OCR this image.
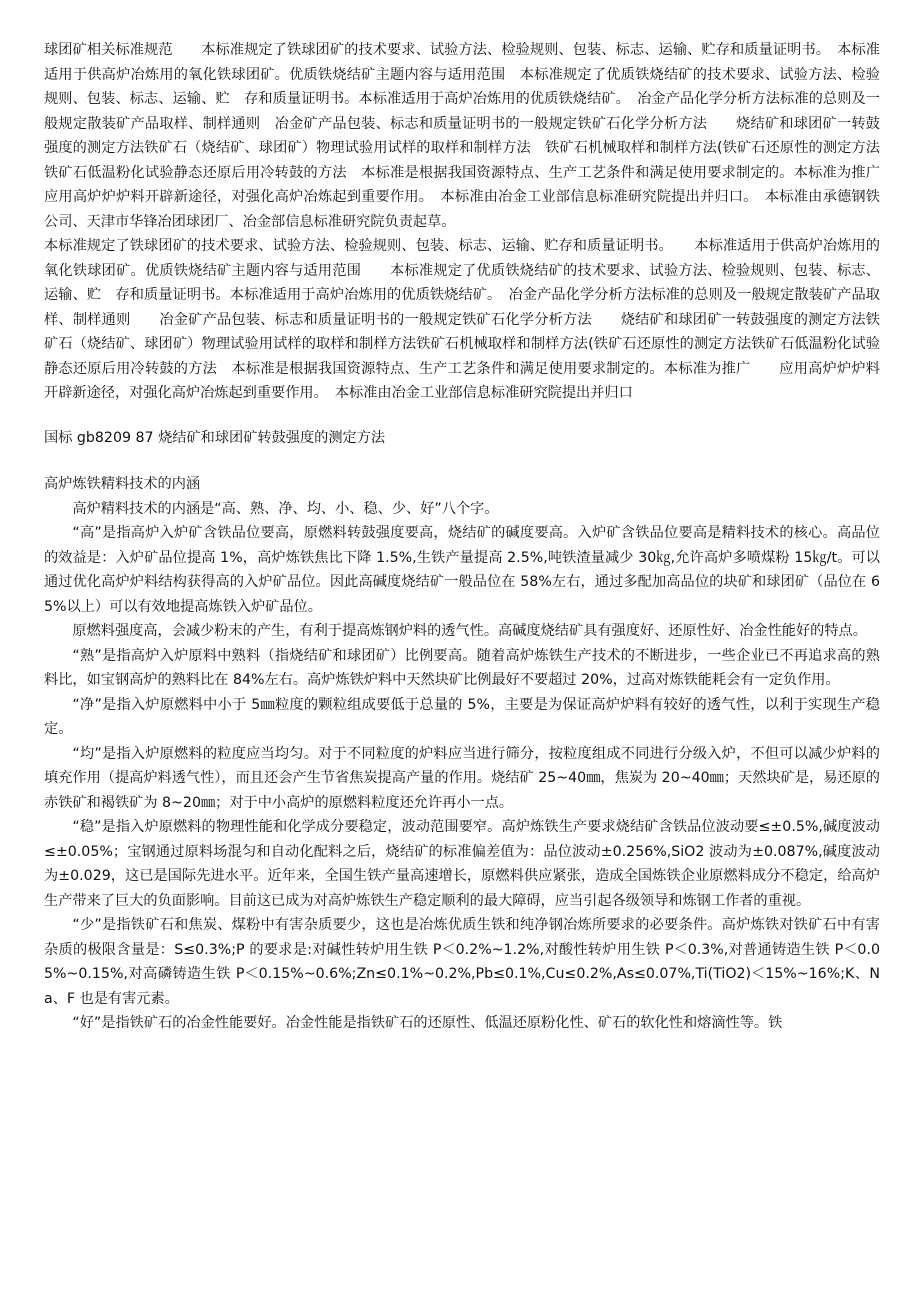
球团矿相关标准规范　　本标准规定了铁球团矿的技术要求、试验方法、检验规则、包装、标志、运输、贮存和质量证明书。　本标准适用于供高炉冶炼用的氧化铁球团矿。优质铁烧结矿主题内容与适用范围　本标准规定了优质铁烧结矿的技术要求、试验方法、检验规则、包装、标志、运输、贮　存和质量证明书。本标准适用于高炉冶炼用的优质铁烧结矿。　冶金产品化学分析方法标准的总则及一般规定散装矿产品取样、制样通则　冶金矿产品包装、标志和质量证明书的一般规定铁矿石化学分析方法　　烧结矿和球团矿一转鼓强度的测定方法铁矿石（烧结矿、球团矿）物理试验用试样的取样和制样方法　铁矿石机械取样和制样方法(铁矿石还原性的测定方法铁矿石低温粉化试验静态还原后用冷转鼓的方法　本标准是根据我国资源特点、生产工艺条件和满足使用要求制定的。本标准为推广　应用高炉炉炉料开辟新途径，对强化高炉冶炼起到重要作用。　本标准由冶金工业部信息标准研究院提出并归口。　本标准由承德钢铁公司、天津市华锋冶团球团厂、冶金部信息标准研究院负责起草。

本标准规定了铁球团矿的技术要求、试验方法、检验规则、包装、标志、运输、贮存和质量证明书。　　本标准适用于供高炉冶炼用的氧化铁球团矿。优质铁烧结矿主题内容与适用范围　　本标准规定了优质铁烧结矿的技术要求、试验方法、检验规则、包装、标志、运输、贮　存和质量证明书。本标准适用于高炉冶炼用的优质铁烧结矿。　冶金产品化学分析方法标准的总则及一般规定散装矿产品取样、制样通则　　冶金矿产品包装、标志和质量证明书的一般规定铁矿石化学分析方法　　烧结矿和球团矿一转鼓强度的测定方法铁矿石（烧结矿、球团矿）物理试验用试样的取样和制样方法铁矿石机械取样和制样方法(铁矿石还原性的测定方法铁矿石低温粉化试验静态还原后用冷转鼓的方法　本标准是根据我国资源特点、生产工艺条件和满足使用要求制定的。本标准为推广　　应用高炉炉炉料开辟新途径，对强化高炉冶炼起到重要作用。　本标准由冶金工业部信息标准研究院提出并归口

国标 gb8209 87 烧结矿和球团矿转鼓强度的测定方法

高炉炼铁精料技术的内涵

高炉精料技术的内涵是“高、熟、净、均、小、稳、少、好”八个字。

“高”是指高炉入炉矿含铁品位要高，原燃料转鼓强度要高，烧结矿的碱度要高。入炉矿含铁品位要高是精料技术的核心。高品位的效益是：入炉矿品位提高 1%，高炉炼铁焦比下降 1.5%,生铁产量提高 2.5%,吨铁渣量减少 30㎏,允许高炉多喷煤粉 15㎏/t。可以通过优化高炉炉料结构获得高的入炉矿品位。因此高碱度烧结矿一般品位在 58%左右，通过多配加高品位的块矿和球团矿（品位在 65%以上）可以有效地提高炼铁入炉矿品位。

原燃料强度高，会减少粉末的产生，有利于提高炼钢炉料的透气性。高碱度烧结矿具有强度好、还原性好、冶金性能好的特点。

“熟”是指高炉入炉原料中熟料（指烧结矿和球团矿）比例要高。随着高炉炼铁生产技术的不断进步，一些企业已不再追求高的熟料比，如宝钢高炉的熟料比在 84%左右。高炉炼铁炉料中天然块矿比例最好不要超过 20%，过高对炼铁能耗会有一定负作用。

“净”是指入炉原燃料中小于 5㎜粒度的颗粒组成要低于总量的 5%，主要是为保证高炉炉料有较好的透气性，以利于实现生产稳定。

“均”是指入炉原燃料的粒度应当均匀。对于不同粒度的炉料应当进行筛分，按粒度组成不同进行分级入炉，不但可以减少炉料的填充作用（提高炉料透气性），而且还会产生节省焦炭提高产量的作用。烧结矿 25~40㎜，焦炭为 20~40㎜；天然块矿是，易还原的赤铁矿和褐铁矿为 8~20㎜；对于中小高炉的原燃料粒度还允许再小一点。

“稳”是指入炉原燃料的物理性能和化学成分要稳定，波动范围要窄。高炉炼铁生产要求烧结矿含铁品位波动要≤±0.5%,碱度波动≤±0.05%；宝钢通过原料场混匀和自动化配料之后，烧结矿的标准偏差值为：品位波动±0.256%,SiO2 波动为±0.087%,碱度波动为±0.029，这已是国际先进水平。近年来，全国生铁产量高速增长，原燃料供应紧张，造成全国炼铁企业原燃料成分不稳定，给高炉生产带来了巨大的负面影响。目前这已成为对高炉炼铁生产稳定顺利的最大障碍，应当引起各级领导和炼钢工作者的重视。

“少”是指铁矿石和焦炭、煤粉中有害杂质要少，这也是冶炼优质生铁和纯净钢冶炼所要求的必要条件。高炉炼铁对铁矿石中有害杂质的极限含量是：S≤0.3%;P 的要求是:对碱性转炉用生铁 P＜0.2%~1.2%,对酸性转炉用生铁 P＜0.3%,对普通铸造生铁 P＜0.05%~0.15%,对高磷铸造生铁 P＜0.15%~0.6%;Zn≤0.1%~0.2%,Pb≤0.1%,Cu≤0.2%,As≤0.07%,Ti(TiO2)＜15%~16%;K、Na、F 也是有害元素。

“好”是指铁矿石的冶金性能要好。冶金性能是指铁矿石的还原性、低温还原粉化性、矿石的软化性和熔滴性等。铁
